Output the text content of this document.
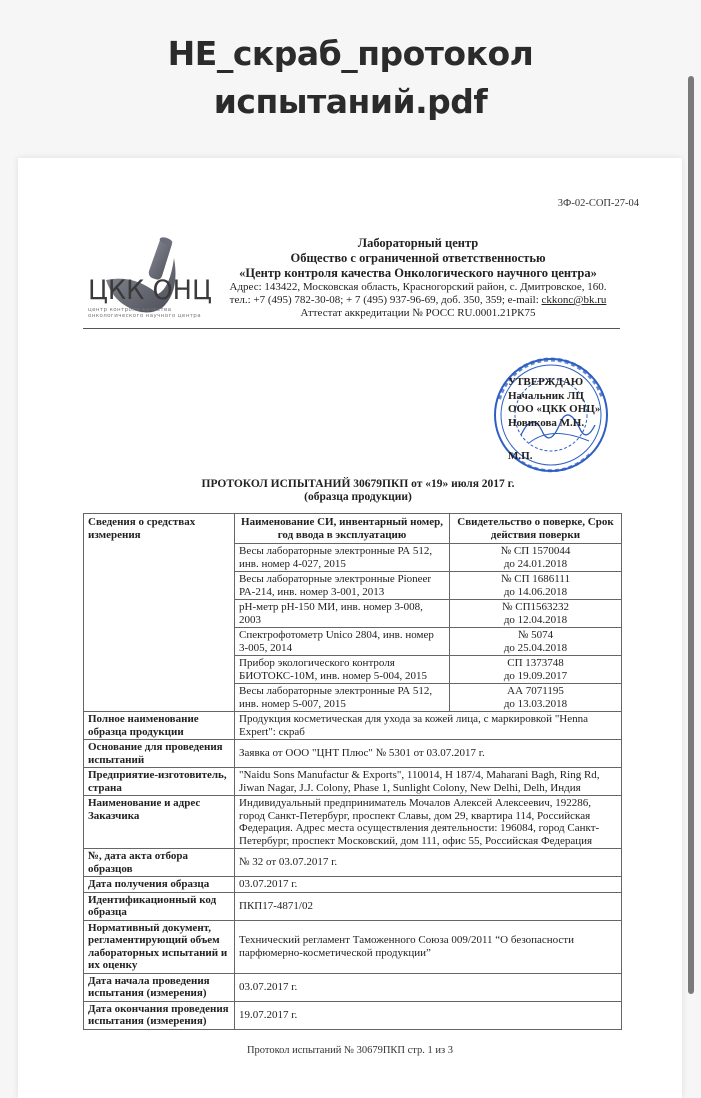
НЕ_скраб_протокол
испытаний.pdf
3Ф-02-СОП-27-04
ЦКК ОНЦ
центр контроля качества онкологического научного центра
Лабораторный центр
Общество с ограниченной ответственностью
«Центр контроля качества Онкологического научного центра»
Адрес: 143422, Московская область, Красногорский район, с. Дмитровское, 160.
тел.: +7 (495) 782-30-08; + 7 (495) 937-96-69, доб. 350, 359; e-mail: ckkonc@bk.ru
Аттестат аккредитации № РОСС RU.0001.21РК75
УТВЕРЖДАЮ
Начальник ЛЦ
ООО «ЦКК ОНЦ»
Новикова М.Н.
М.П.
ПРОТОКОЛ ИСПЫТАНИЙ 30679ПКП от «19» июля 2017 г.
(образца продукции)
Сведения о средствах измерения	Наименование СИ, инвентарный номер, год ввода в эксплуатацию	Свидетельство о поверке, Срок действия поверки
	Весы лабораторные электронные РА 512, инв. номер 4-027, 2015	№ СП 1570044
до 24.01.2018

	Весы лабораторные электронные Pioneer РА-214, инв. номер 3-001, 2013	№ СП 1686111
до 14.06.2018

	pH-метр pH-150 МИ, инв. номер 3-008, 2003	№ СП1563232
до 12.04.2018

	Спектрофотометр Unico 2804, инв. номер 3-005, 2014	№ 5074
до 25.04.2018

	Прибор экологического контроля БИОТОКС-10М, инв. номер 5-004, 2015	СП 1373748
до 19.09.2017

	Весы лабораторные электронные РА 512, инв. номер 5-007, 2015	АА 7071195
до 13.03.2018

Полное наименование образца продукции	Продукция косметическая для ухода за кожей лица, с маркировкой "Henna Expert": скраб	
Основание для проведения испытаний	Заявка от ООО "ЦНТ Плюс" № 5301 от 03.07.2017 г.	
Предприятие-изготовитель, страна	"Naidu Sons Manufactur & Exports", 110014, H 187/4, Maharani Bagh, Ring Rd, Jiwan Nagar, J.J. Colony, Phase 1, Sunlight Colony, New Delhi, Delh, Индия	
Наименование и адрес Заказчика	Индивидуальный предприниматель Мочалов Алексей Алексеевич, 192286, город Санкт-Петербург, проспект Славы, дом 29, квартира 114, Российская Федерация. Адрес места осуществления деятельности: 196084, город Санкт-Петербург, проспект Московский, дом 111, офис 55, Российская Федерация	
№, дата акта отбора образцов	№ 32 от 03.07.2017 г.	
Дата получения образца	03.07.2017 г.	
Идентификационный код образца	ПКП17-4871/02	
Нормативный документ, регламентирующий объем лабораторных испытаний и их оценку	Технический регламент Таможенного Союза 009/2011 “О безопасности парфюмерно-косметической продукции”	
Дата начала проведения испытания (измерения)	03.07.2017 г.	
Дата окончания проведения испытания (измерения)	19.07.2017 г.	
Протокол испытаний № 30679ПКП стр. 1 из 3
